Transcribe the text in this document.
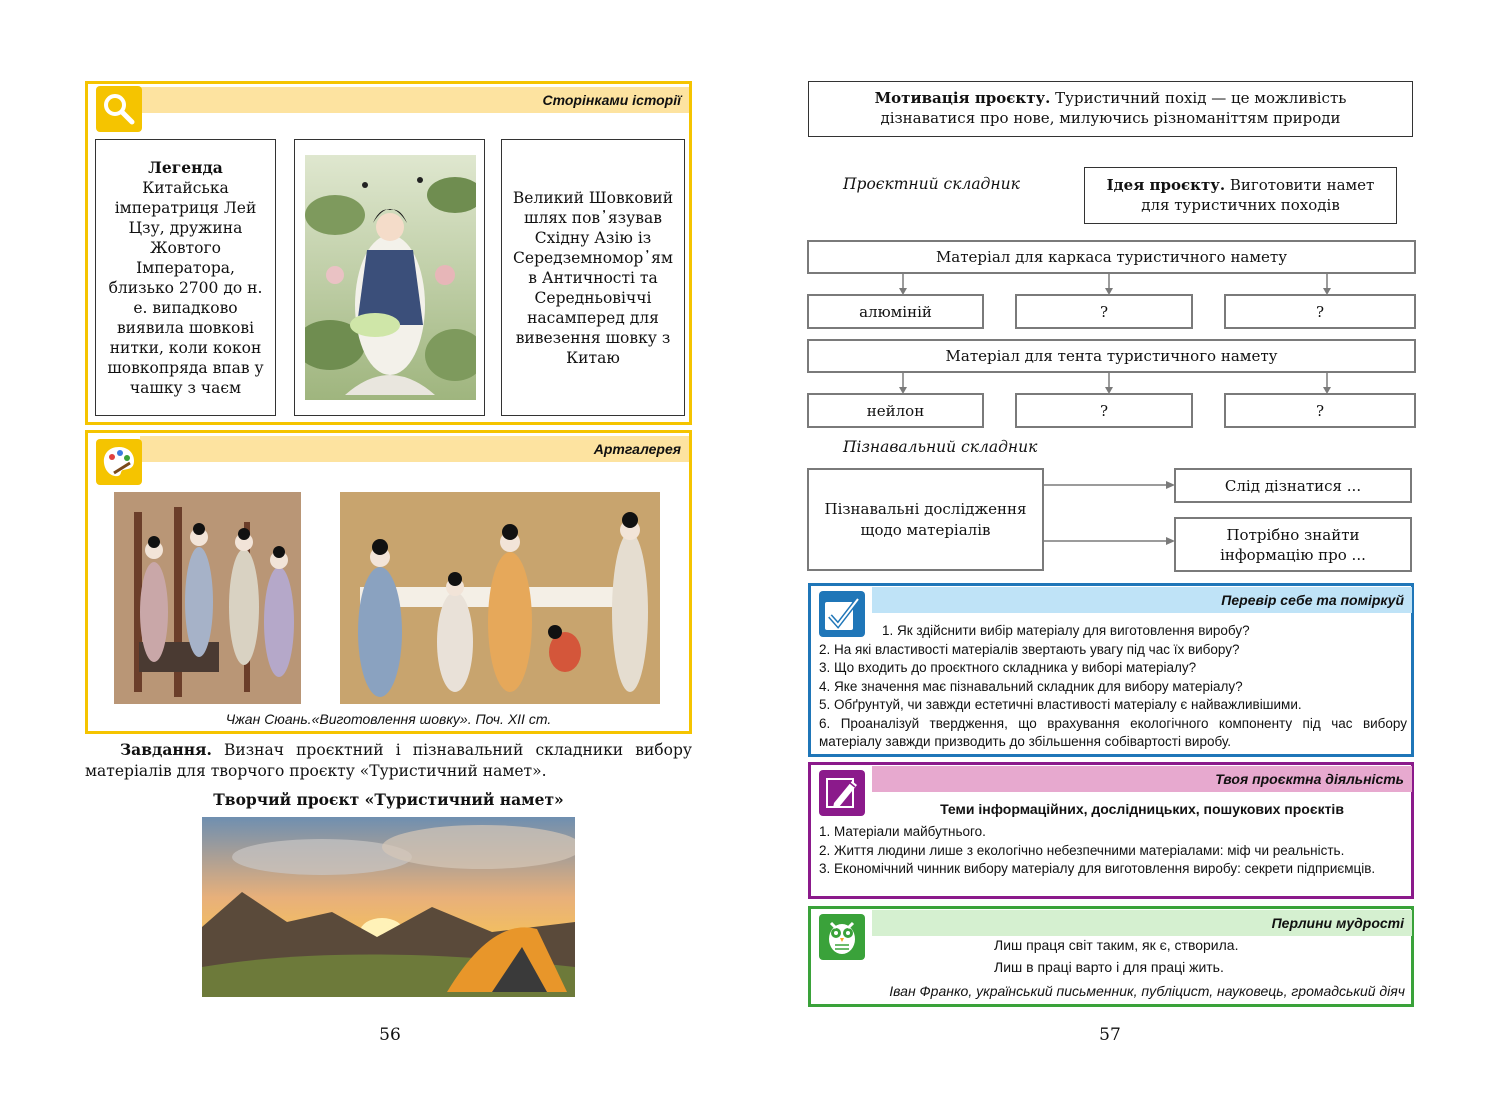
Сторінками історії
Легенда
Китайська імператриця Лей Цзу, дружина Жовтого Імператора, близько 2700 до н. е. випадково виявила шовкові нитки, коли кокон шовкопряда впав у чашку з чаєм
Великий Шовковий шлях пов᾽язував Східну Азію із Середземномор᾽ям в Античності та Середньовіччі насамперед для вивезення шовку з Китаю
Артгалерея
Чжан Сюань.«Виготовлення шовку». Поч. XII ст.
Завдання. Визнач проєктний і пізнавальний складники вибору матеріалів для творчого проєкту «Туристичний намет».
Творчий проєкт «Туристичний намет»
56
Мотивація проєкту. Туристичний похід — це можливість дізнаватися про нове, милуючись різноманіттям природи
Проєктний складник	Ідея проєкту. Виготовити намет для туристичних походів
Матеріал для каркаса туристичного намету
алюміній	?	?
Матеріал для тента туристичного намету
нейлон	?	?
Пізнавальний складник
Пізнавальні дослідження щодо матеріалів
Слід дізнатися ...
Потрібно знайти інформацію про ...
Перевір себе та поміркуй
1. Як здійснити вибір матеріалу для виготовлення виробу?
2. На які властивості матеріалів звертають увагу під час їх вибору?
3. Що входить до проєктного складника у виборі матеріалу?
4. Яке значення має пізнавальний складник для вибору матеріалу?
5. Обґрунтуй, чи завжди естетичні властивості матеріалу є найважливішими.
6. Проаналізуй твердження, що врахування екологічного компоненту під час вибору матеріалу завжди призводить до збільшення собівартості виробу.
Твоя проєктна діяльність
Теми інформаційних, дослідницьких, пошукових проєктів
1. Матеріали майбутнього.
2. Життя людини лише з екологічно небезпечними матеріалами: міф чи реальність.
3. Економічний чинник вибору матеріалу для виготовлення виробу: секрети підприємців.
Перлини мудрості
Лиш праця світ таким, як є, створила.
Лиш в праці варто і для праці жить.
Іван Франко, український письменник, публіцист, науковець, громадський діяч
57
